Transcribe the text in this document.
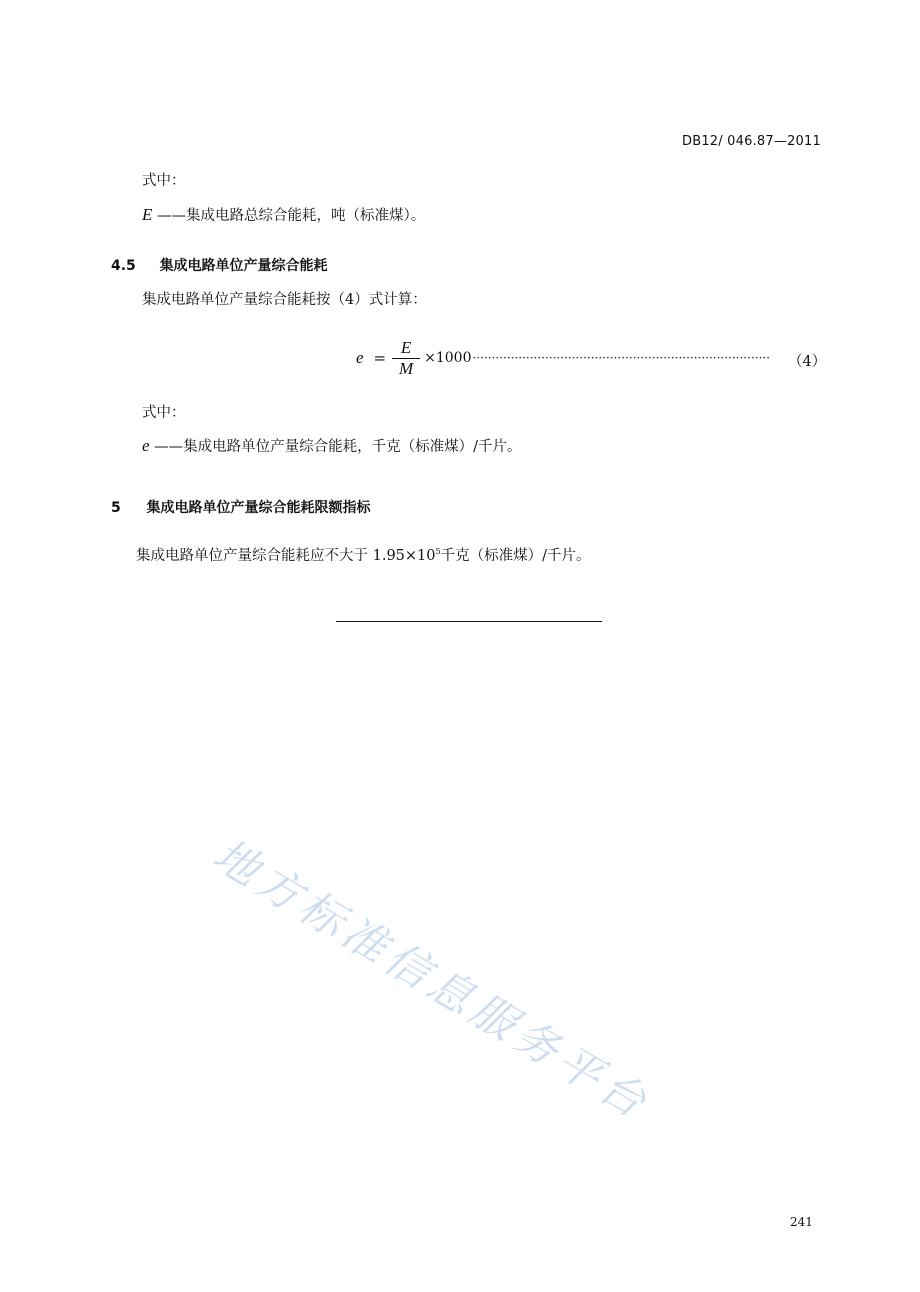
DB12/ 046.87—2011
式中：
E ——集成电路总综合能耗，吨（标准煤）。
4.5 集成电路单位产量综合能耗
集成电路单位产量综合能耗按（4）式计算：
$e = \frac{E}{M} \times 1000$ ··············································································	（4）
式中：
e ——集成电路单位产量综合能耗，千克（标准煤）/千片。
5 集成电路单位产量综合能耗限额指标
集成电路单位产量综合能耗应不大于 $1.95\times 10^5$千克（标准煤）/千片。
地方标准信息服务平台
241
